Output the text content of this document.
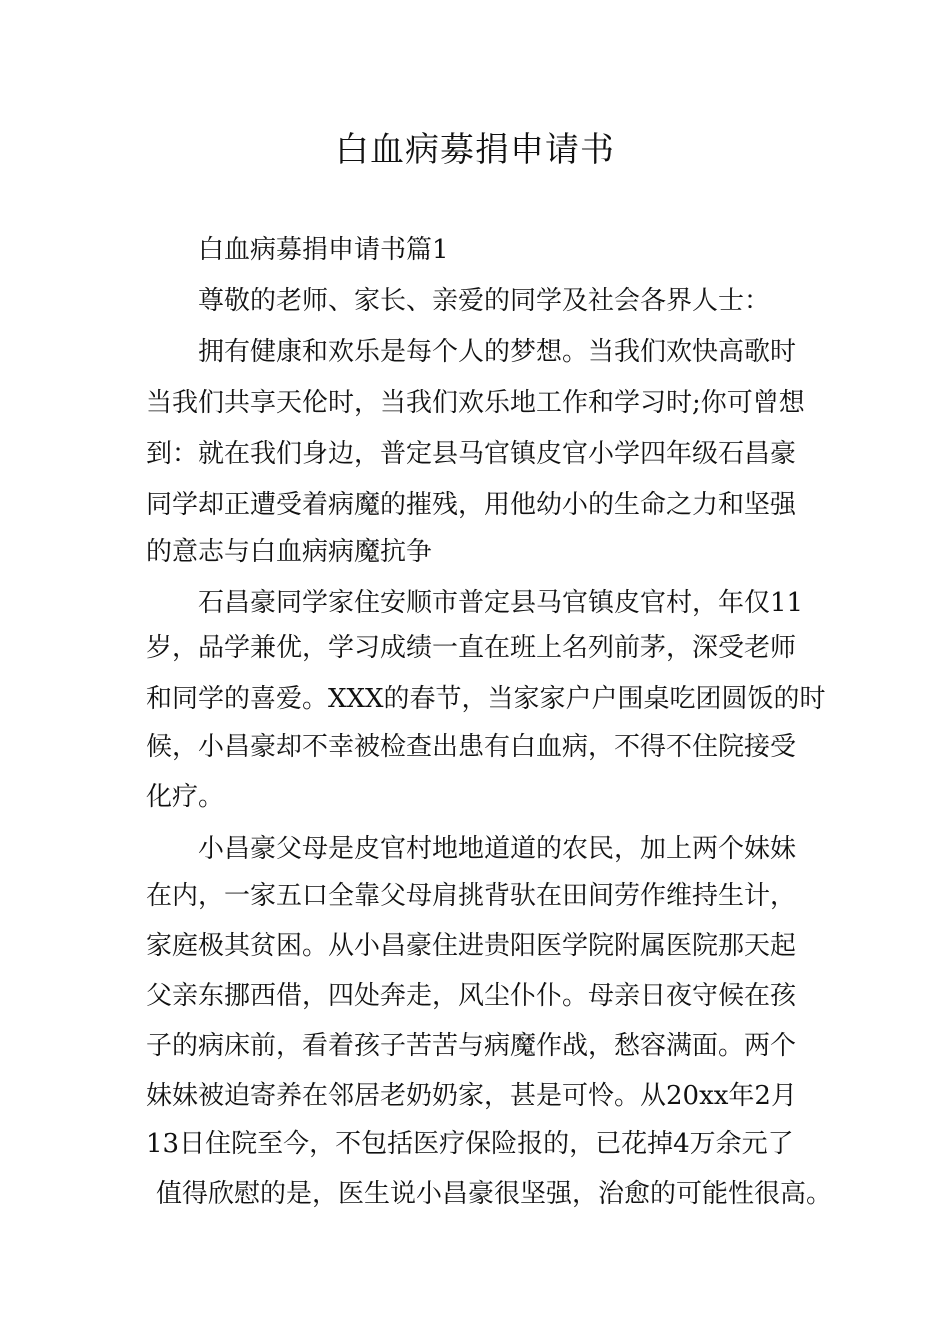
白血病募捐申请书

白血病募捐申请书篇1

尊敬的老师、家长、亲爱的同学及社会各界人士：

拥有健康和欢乐是每个人的梦想。当我们欢快高歌时

当我们共享天伦时，当我们欢乐地工作和学习时;你可曾想

到：就在我们身边，普定县马官镇皮官小学四年级石昌豪

同学却正遭受着病魔的摧残，用他幼小的生命之力和坚强

的意志与白血病病魔抗争

石昌豪同学家住安顺市普定县马官镇皮官村，年仅11

岁，品学兼优，学习成绩一直在班上名列前茅，深受老师

和同学的喜爱。XXX的春节，当家家户户围桌吃团圆饭的时

候，小昌豪却不幸被检查出患有白血病，不得不住院接受

化疗。

小昌豪父母是皮官村地地道道的农民，加上两个妹妹

在内，一家五口全靠父母肩挑背驮在田间劳作维持生计，

家庭极其贫困。从小昌豪住进贵阳医学院附属医院那天起

父亲东挪西借，四处奔走，风尘仆仆。母亲日夜守候在孩

子的病床前，看着孩子苦苦与病魔作战，愁容满面。两个

妹妹被迫寄养在邻居老奶奶家，甚是可怜。从20xx年2月

13日住院至今，不包括医疗保险报的，已花掉4万余元了

值得欣慰的是，医生说小昌豪很坚强，治愈的可能性很高。
